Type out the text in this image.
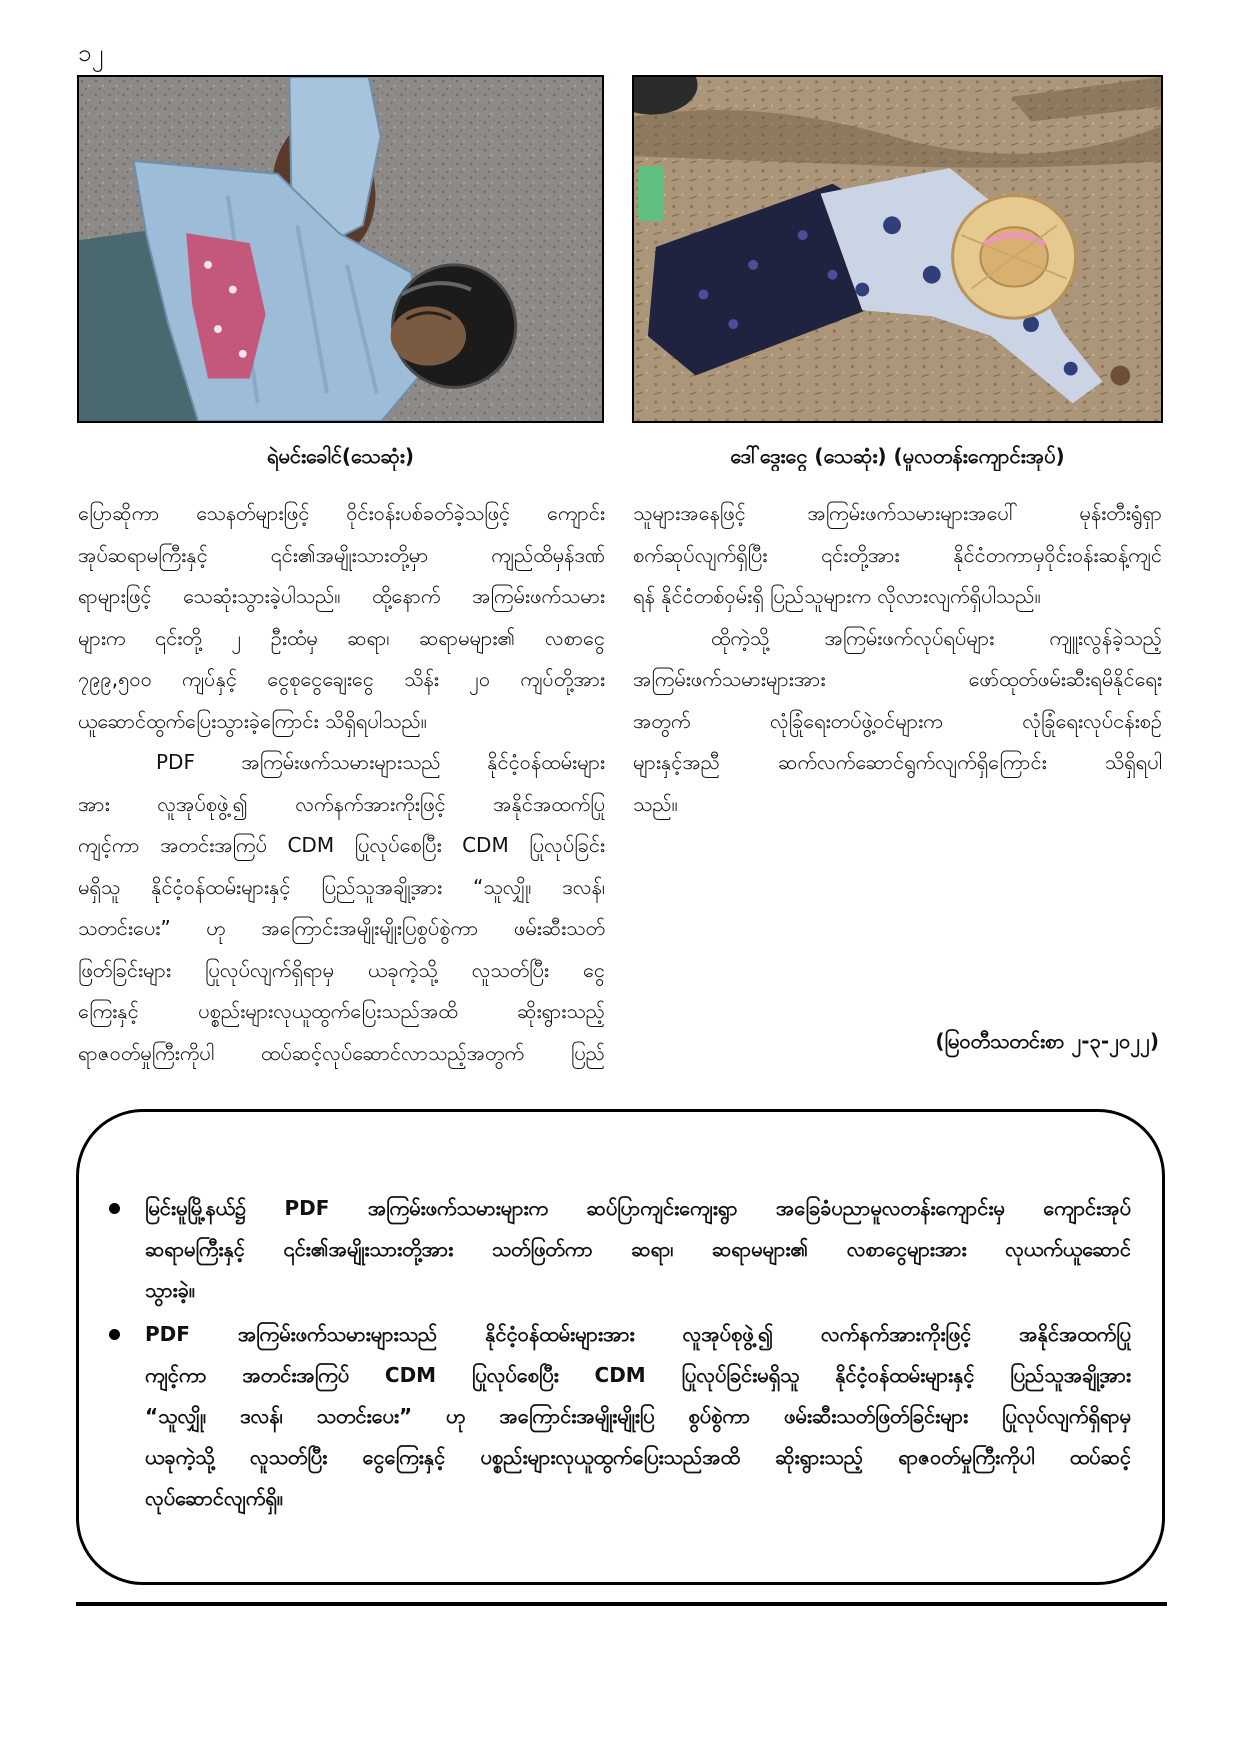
၁၂
ရဲမင်းခေါင်(သေဆုံး)	ဒေါ်ဒွေးငွေ (သေဆုံး) (မူလတန်းကျောင်းအုပ်)
ပြောဆိုကာ သေနတ်များဖြင့် ဝိုင်းဝန်းပစ်ခတ်ခဲ့သဖြင့် ကျောင်း
အုပ်ဆရာမကြီးနှင့် ၎င်း၏အမျိုးသားတို့မှာ ကျည်ထိမှန်ဒဏ်
ရာများဖြင့် သေဆုံးသွားခဲ့ပါသည်။ ထို့နောက် အကြမ်းဖက်သမား
များက ၎င်းတို့ ၂ ဦးထံမှ ဆရာ၊ ဆရာမများ၏ လစာငွေ
၇၉၉,၅၀၀ ကျပ်နှင့် ငွေစုငွေချေးငွေ သိန်း ၂၀ ကျပ်တို့အား
ယူဆောင်ထွက်ပြေးသွားခဲ့ကြောင်း သိရှိရပါသည်။
PDF အကြမ်းဖက်သမားများသည် နိုင်ငံ့ဝန်ထမ်းများ
အား လူအုပ်စုဖွဲ့၍ လက်နက်အားကိုးဖြင့် အနိုင်အထက်ပြု
ကျင့်ကာ အတင်းအကြပ် CDM ပြုလုပ်စေပြီး CDM ပြုလုပ်ခြင်း
မရှိသူ နိုင်ငံ့ဝန်ထမ်းများနှင့် ပြည်သူအချို့အား “သူလျှို၊ ဒလန်၊
သတင်းပေး” ဟု အကြောင်းအမျိုးမျိုးပြစွပ်စွဲကာ ဖမ်းဆီးသတ်
ဖြတ်ခြင်းများ ပြုလုပ်လျက်ရှိရာမှ ယခုကဲ့သို့ လူသတ်ပြီး ငွေ
ကြေးနှင့် ပစ္စည်းများလုယူထွက်ပြေးသည်အထိ ဆိုးရွားသည့်
ရာဇဝတ်မှုကြီးကိုပါ ထပ်ဆင့်လုပ်ဆောင်လာသည့်အတွက် ပြည်
သူများအနေဖြင့် အကြမ်းဖက်သမားများအပေါ် မုန်းတီးရွံရှာ
စက်ဆုပ်လျက်ရှိပြီး ၎င်းတို့အား နိုင်ငံတကာမှဝိုင်းဝန်းဆန့်ကျင်
ရန် နိုင်ငံတစ်ဝှမ်းရှိ ပြည်သူများက လိုလားလျက်ရှိပါသည်။
ထိုကဲ့သို့ အကြမ်းဖက်လုပ်ရပ်များ ကျူးလွန်ခဲ့သည့်
အကြမ်းဖက်သမားများအား ဖော်ထုတ်ဖမ်းဆီးရမိနိုင်ရေး
အတွက် လုံခြုံရေးတပ်ဖွဲ့ဝင်များက လုံခြုံရေးလုပ်ငန်းစဉ်
များနှင့်အညီ ဆက်လက်ဆောင်ရွက်လျက်ရှိကြောင်း သိရှိရပါ
သည်။
(မြဝတီသတင်းစာ ၂-၃-၂၀၂၂)
မြင်းမူမြို့နယ်၌ PDF အကြမ်းဖက်သမားများက ဆပ်ပြာကျင်းကျေးရွာ အခြေခံပညာမူလတန်းကျောင်းမှ ကျောင်းအုပ်
ဆရာမကြီးနှင့် ၎င်း၏အမျိုးသားတို့အား သတ်ဖြတ်ကာ ဆရာ၊ ဆရာမများ၏ လစာငွေများအား လုယက်ယူဆောင်
သွားခဲ့။
PDF အကြမ်းဖက်သမားများသည် နိုင်ငံ့ဝန်ထမ်းများအား လူအုပ်စုဖွဲ့၍ လက်နက်အားကိုးဖြင့် အနိုင်အထက်ပြု
ကျင့်ကာ အတင်းအကြပ် CDM ပြုလုပ်စေပြီး CDM ပြုလုပ်ခြင်းမရှိသူ နိုင်ငံ့ဝန်ထမ်းများနှင့် ပြည်သူအချို့အား
“သူလျှို၊ ဒလန်၊ သတင်းပေး” ဟု အကြောင်းအမျိုးမျိုးပြ စွပ်စွဲကာ ဖမ်းဆီးသတ်ဖြတ်ခြင်းများ ပြုလုပ်လျက်ရှိရာမှ
ယခုကဲ့သို့ လူသတ်ပြီး ငွေကြေးနှင့် ပစ္စည်းများလုယူထွက်ပြေးသည်အထိ ဆိုးရွားသည့် ရာဇဝတ်မှုကြီးကိုပါ ထပ်ဆင့်
လုပ်ဆောင်လျက်ရှိ။
